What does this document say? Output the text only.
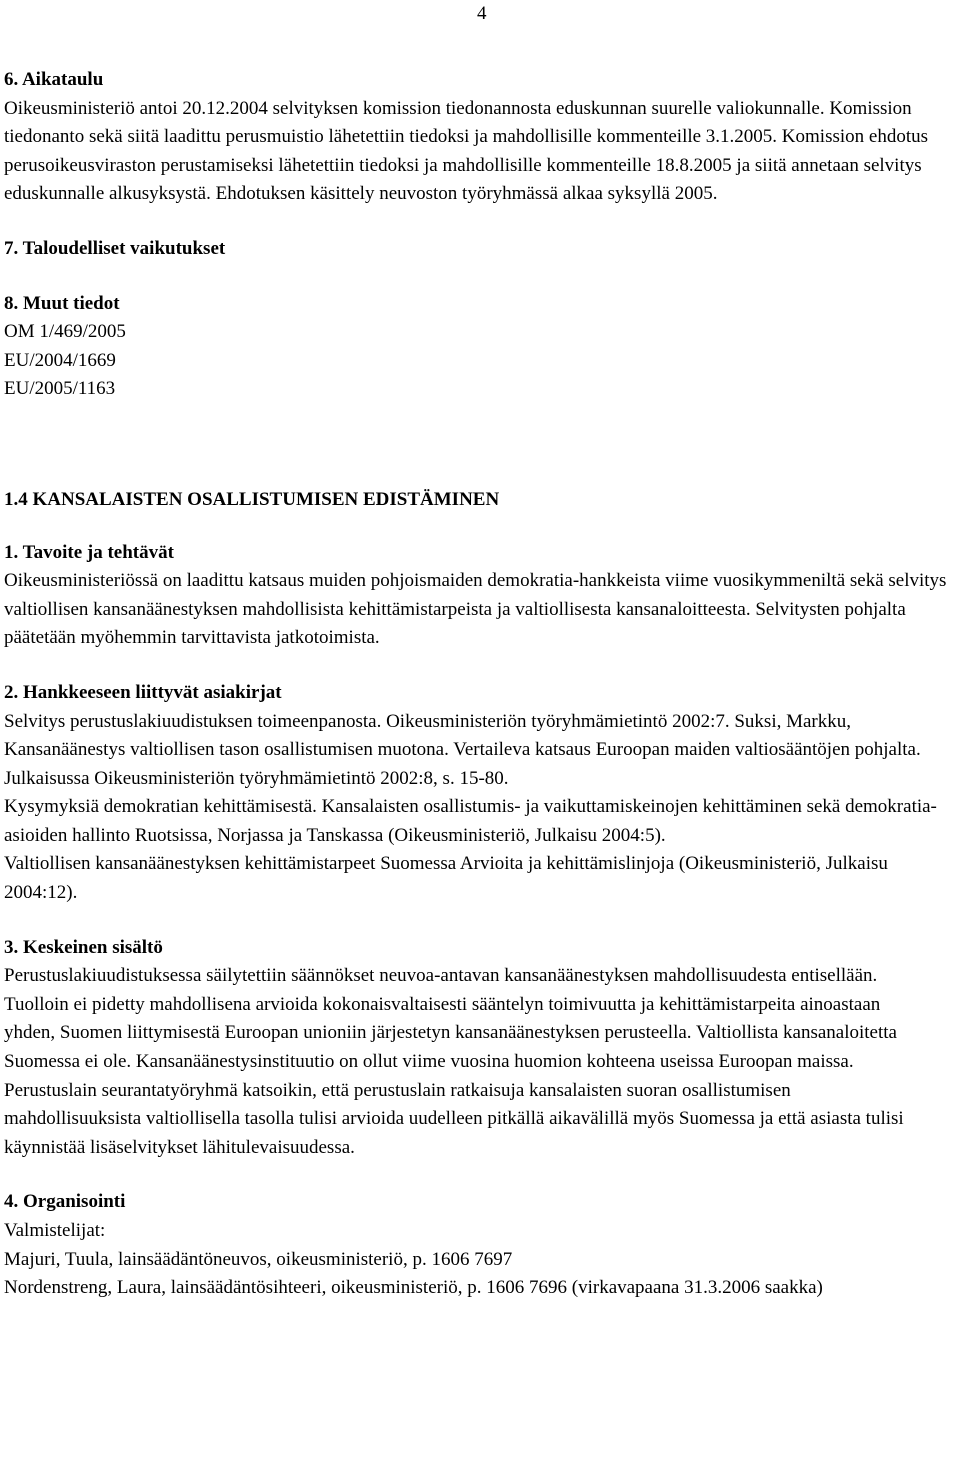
4
6. Aikataulu

Oikeusministeriö antoi 20.12.2004 selvityksen komission tiedonannosta eduskunnan suurelle valiokunnalle. Komission tiedonanto sekä siitä laadittu perusmuistio lähetettiin tiedoksi ja mahdollisille kommenteille 3.1.2005. Komission ehdotus perusoikeusviraston perustamiseksi lähetettiin tiedoksi ja mahdollisille kommenteille 18.8.2005 ja siitä annetaan selvitys eduskunnalle alkusyksystä. Ehdotuksen käsittely neuvoston työryhmässä alkaa syksyllä 2005.

7. Taloudelliset vaikutukset
8. Muut tiedot
OM 1/469/2005
EU/2004/1669
EU/2005/1163
1.4 KANSALAISTEN OSALLISTUMISEN EDISTÄMINEN
1. Tavoite ja tehtävät

Oikeusministeriössä on laadittu katsaus muiden pohjoismaiden demokratia-hankkeista viime vuosikymmeniltä sekä selvitys valtiollisen kansanäänestyksen mahdollisista kehittämistarpeista ja valtiollisesta kansanaloitteesta. Selvitysten pohjalta päätetään myöhemmin tarvittavista jatkotoimista.

2. Hankkeeseen liittyvät asiakirjat

Selvitys perustuslakiuudistuksen toimeenpanosta. Oikeusministeriön työryhmämietintö 2002:7. Suksi, Markku, Kansanäänestys valtiollisen tason osallistumisen muotona. Vertaileva katsaus Euroopan maiden valtiosääntöjen pohjalta. Julkaisussa Oikeusministeriön työryhmämietintö 2002:8, s. 15-80.

Kysymyksiä demokratian kehittämisestä. Kansalaisten osallistumis- ja vaikuttamiskeinojen kehittäminen sekä demokratia-asioiden hallinto Ruotsissa, Norjassa ja Tanskassa (Oikeusministeriö, Julkaisu 2004:5).

Valtiollisen kansanäänestyksen kehittämistarpeet Suomessa Arvioita ja kehittämislinjoja (Oikeusministeriö, Julkaisu 2004:12).

3. Keskeinen sisältö

Perustuslakiuudistuksessa säilytettiin säännökset neuvoa-antavan kansanäänestyksen mahdollisuudesta entisellään. Tuolloin ei pidetty mahdollisena arvioida kokonaisvaltaisesti sääntelyn toimivuutta ja kehittämistarpeita ainoastaan yhden, Suomen liittymisestä Euroopan unioniin järjestetyn kansanäänestyksen perusteella. Valtiollista kansanaloitetta Suomessa ei ole. Kansanäänestysinstituutio on ollut viime vuosina huomion kohteena useissa Euroopan maissa. Perustuslain seurantatyöryhmä katsoikin, että perustuslain ratkaisuja kansalaisten suoran osallistumisen mahdollisuuksista valtiollisella tasolla tulisi arvioida uudelleen pitkällä aikavälillä myös Suomessa ja että asiasta tulisi käynnistää lisäselvitykset lähitulevaisuudessa.

4. Organisointi
Valmistelijat:
Majuri, Tuula, lainsäädäntöneuvos, oikeusministeriö, p. 1606 7697

Nordenstreng, Laura, lainsäädäntösihteeri, oikeusministeriö, p. 1606 7696 (virkavapaana 31.3.2006 saakka)
